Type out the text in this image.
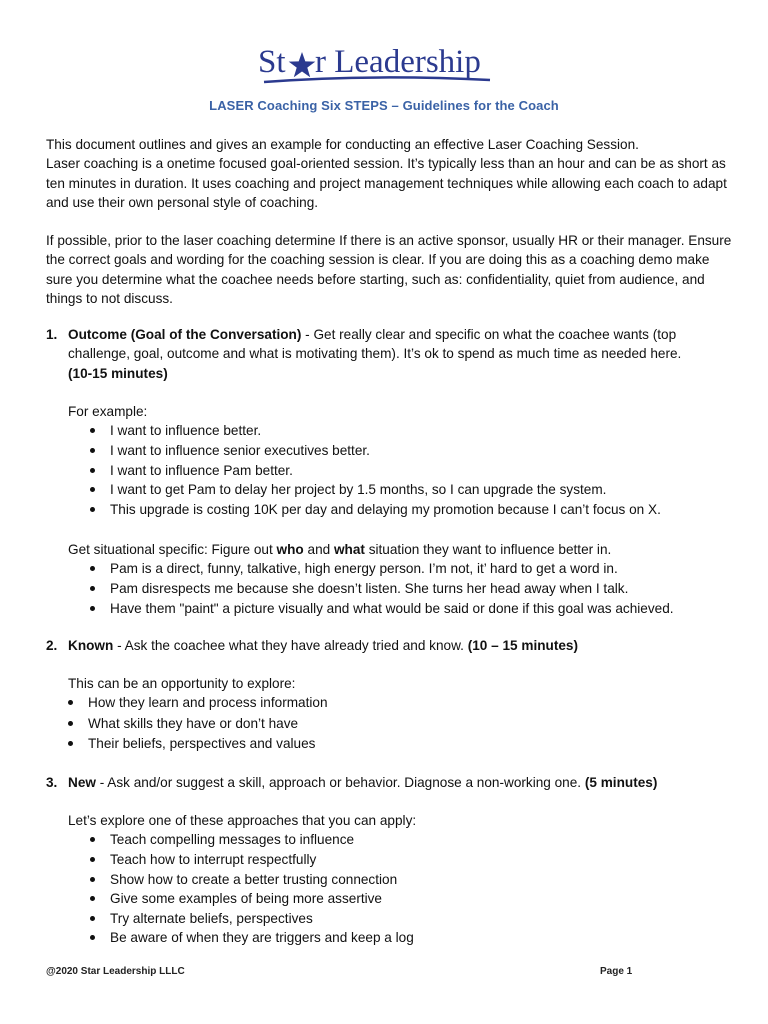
St r Leadership
LASER Coaching Six STEPS – Guidelines for the Coach

This document outlines and gives an example for conducting an effective Laser Coaching Session.

Laser coaching is a onetime focused goal-oriented session. It’s typically less than an hour and can be as short as ten minutes in duration. It uses coaching and project management techniques while allowing each coach to adapt and use their own personal style of coaching.

If possible, prior to the laser coaching determine If there is an active sponsor, usually HR or their manager. Ensure the correct goals and wording for the coaching session is clear. If you are doing this as a coaching demo make sure you determine what the coachee needs before starting, such as: confidentiality, quiet from audience, and things to not discuss.

1. Outcome (Goal of the Conversation) - Get really clear and specific on what the coachee wants (top challenge, goal, outcome and what is motivating them). It’s ok to spend as much time as needed here.
(10-15 minutes)

For example:

I want to influence better.
I want to influence senior executives better.
I want to influence Pam better.
I want to get Pam to delay her project by 1.5 months, so I can upgrade the system.
This upgrade is costing 10K per day and delaying my promotion because I can’t focus on X.

Get situational specific: Figure out who and what situation they want to influence better in.

Pam is a direct, funny, talkative, high energy person. I’m not, it’ hard to get a word in.
Pam disrespects me because she doesn’t listen. She turns her head away when I talk.
Have them "paint" a picture visually and what would be said or done if this goal was achieved.
2. Known - Ask the coachee what they have already tried and know. (10 – 15 minutes)

This can be an opportunity to explore:

How they learn and process information
What skills they have or don’t have
Their beliefs, perspectives and values
3. New - Ask and/or suggest a skill, approach or behavior. Diagnose a non-working one. (5 minutes)

Let’s explore one of these approaches that you can apply:

Teach compelling messages to influence
Teach how to interrupt respectfully
Show how to create a better trusting connection
Give some examples of being more assertive
Try alternate beliefs, perspectives
Be aware of when they are triggers and keep a log
@2020 Star Leadership LLLC	Page 1
